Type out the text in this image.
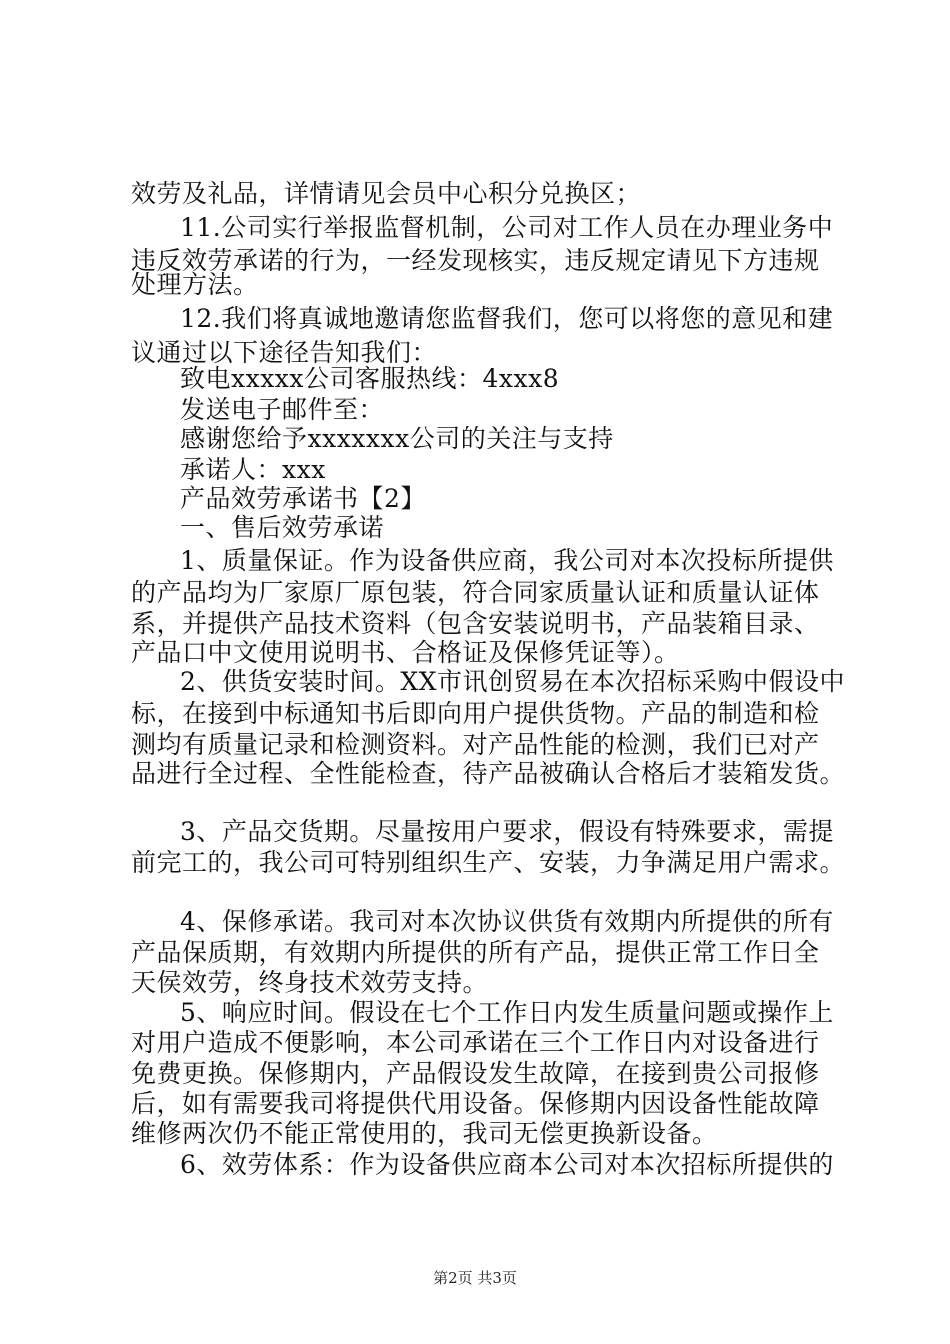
效劳及礼品，详情请见会员中心积分兑换区；
11.公司实行举报监督机制，公司对工作人员在办理业务中
违反效劳承诺的行为，一经发现核实，违反规定请见下方违规
处理方法。
12.我们将真诚地邀请您监督我们，您可以将您的意见和建
议通过以下途径告知我们：
致电xxxxx公司客服热线：4xxx8
发送电子邮件至：
感谢您给予xxxxxxx公司的关注与支持
承诺人：xxx
产品效劳承诺书【2】
一、售后效劳承诺
1、质量保证。作为设备供应商，我公司对本次投标所提供
的产品均为厂家原厂原包装，符合同家质量认证和质量认证体
系，并提供产品技术资料（包含安装说明书，产品装箱目录、
产品口中文使用说明书、合格证及保修凭证等）。
2、供货安装时间。XX市讯创贸易在本次招标采购中假设中
标，在接到中标通知书后即向用户提供货物。产品的制造和检
测均有质量记录和检测资料。对产品性能的检测，我们已对产
品进行全过程、全性能检查，待产品被确认合格后才装箱发货。
3、产品交货期。尽量按用户要求，假设有特殊要求，需提
前完工的，我公司可特别组织生产、安装，力争满足用户需求。
4、保修承诺。我司对本次协议供货有效期内所提供的所有
产品保质期，有效期内所提供的所有产品，提供正常工作日全
天侯效劳，终身技术效劳支持。
5、响应时间。假设在七个工作日内发生质量问题或操作上
对用户造成不便影响，本公司承诺在三个工作日内对设备进行
免费更换。保修期内，产品假设发生故障，在接到贵公司报修
后，如有需要我司将提供代用设备。保修期内因设备性能故障
维修两次仍不能正常使用的，我司无偿更换新设备。
6、效劳体系：作为设备供应商本公司对本次招标所提供的
第2页 共3页
